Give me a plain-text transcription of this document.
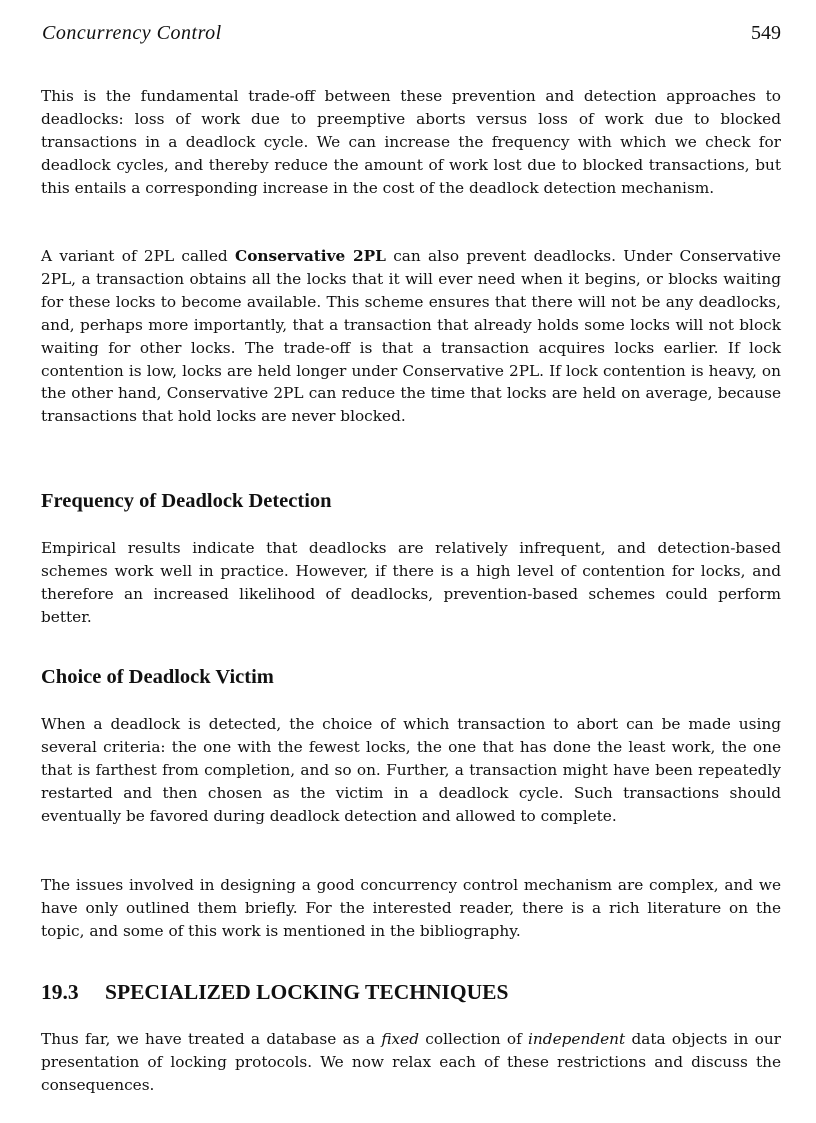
Concurrency Control	549

This is the fundamental trade-off between these prevention and detection approaches to deadlocks: loss of work due to preemptive aborts versus loss of work due to blocked transactions in a deadlock cycle. We can increase the frequency with which we check for deadlock cycles, and thereby reduce the amount of work lost due to blocked transactions, but this entails a corresponding increase in the cost of the deadlock detection mechanism.

A variant of 2PL called Conservative 2PL can also prevent deadlocks. Under Conservative 2PL, a transaction obtains all the locks that it will ever need when it begins, or blocks waiting for these locks to become available. This scheme ensures that there will not be any deadlocks, and, perhaps more importantly, that a transaction that already holds some locks will not block waiting for other locks. The trade-off is that a transaction acquires locks earlier. If lock contention is low, locks are held longer under Conservative 2PL. If lock contention is heavy, on the other hand, Conservative 2PL can reduce the time that locks are held on average, because transactions that hold locks are never blocked.

Frequency of Deadlock Detection

Empirical results indicate that deadlocks are relatively infrequent, and detection-based schemes work well in practice. However, if there is a high level of contention for locks, and therefore an increased likelihood of deadlocks, prevention-based schemes could perform better.

Choice of Deadlock Victim

When a deadlock is detected, the choice of which transaction to abort can be made using several criteria: the one with the fewest locks, the one that has done the least work, the one that is farthest from completion, and so on. Further, a transaction might have been repeatedly restarted and then chosen as the victim in a deadlock cycle. Such transactions should eventually be favored during deadlock detection and allowed to complete.

The issues involved in designing a good concurrency control mechanism are complex, and we have only outlined them briefly. For the interested reader, there is a rich literature on the topic, and some of this work is mentioned in the bibliography.

19.3 SPECIALIZED LOCKING TECHNIQUES

Thus far, we have treated a database as a fixed collection of independent data objects in our presentation of locking protocols. We now relax each of these restrictions and discuss the consequences.
